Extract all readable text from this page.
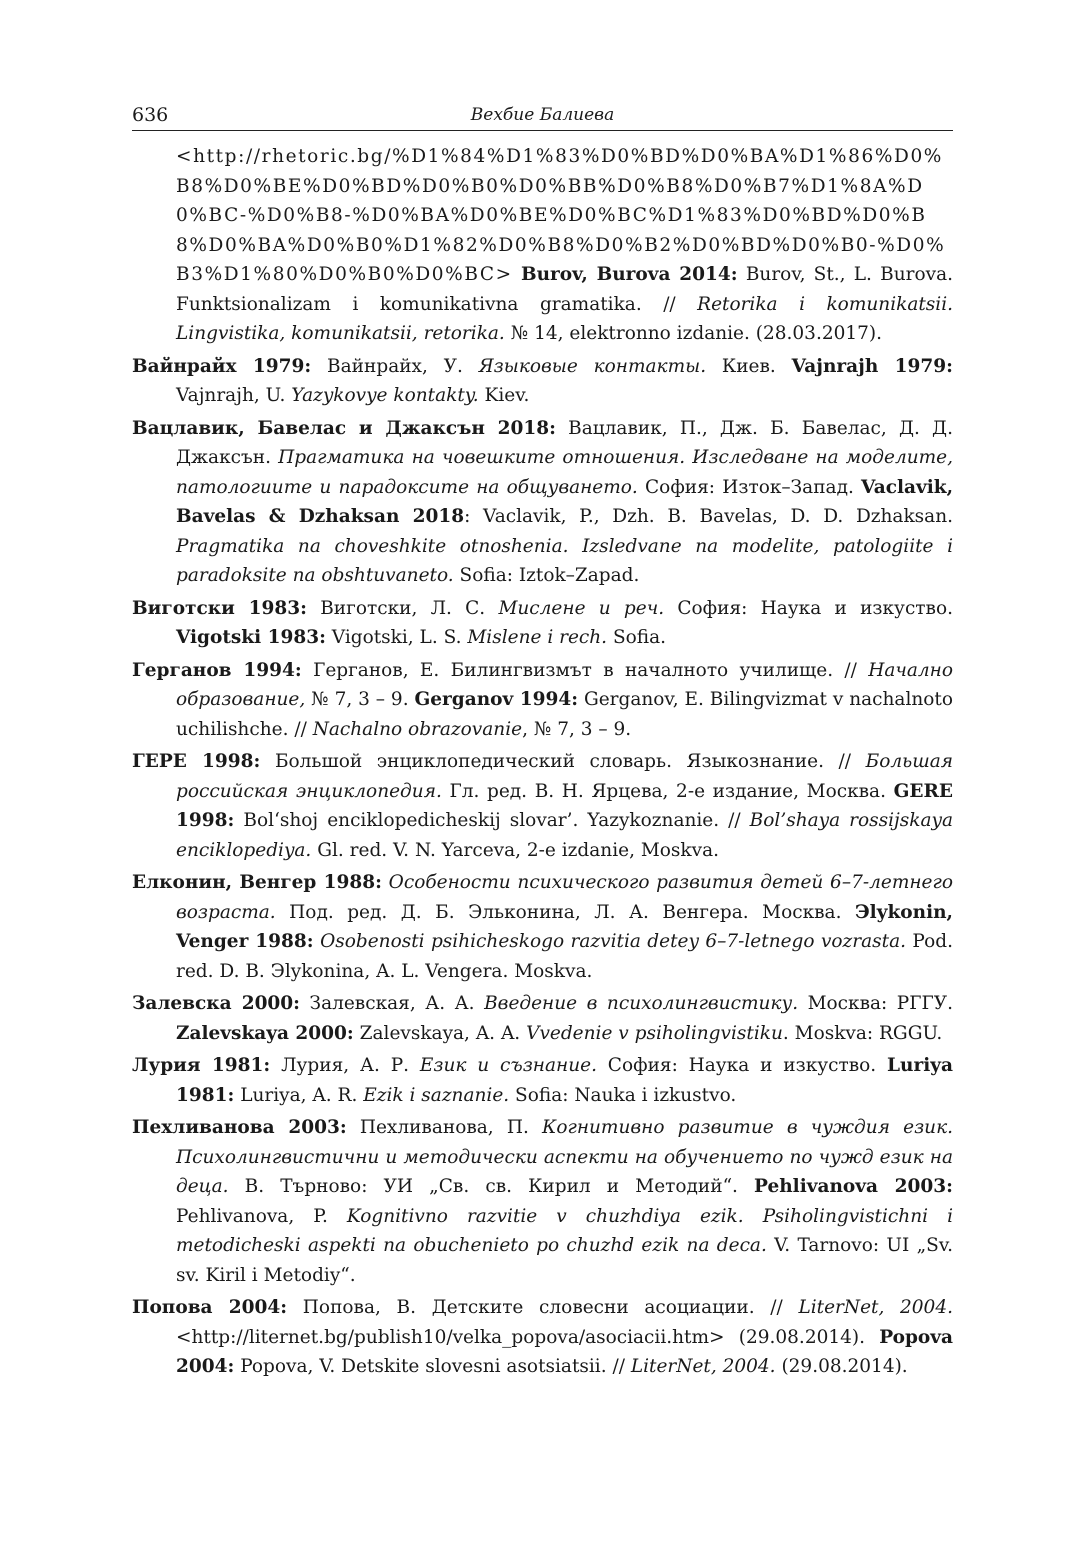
636	Вехбие Балиева
<http://rhetoric.bg/%D1%84%D1%83%D0%BD%D0%BA%D1%86%D0%B8%D0%BE%D0%BD%D0%B0%D0%BB%D0%B8%D0%B7%D1%8A%D0%BC-%D0%B8-%D0%BA%D0%BE%D0%BC%D1%83%D0%BD%D0%B8%D0%BA%D0%B0%D1%82%D0%B8%D0%B2%D0%BD%D0%B0-%D0%B3%D1%80%D0%B0%D0%BC> Burov, Burova 2014: Burov, St., L. Burova. Funktsionalizam i komunikativna gramatika. // Retorika i komunikatsii. Lingvistika, komunikatsii, retorika. № 14, elektronno izdanie. (28.03.2017).
Вайнрайх 1979: Вайнрайх, У. Языковые контакты. Киев. Vajnrajh 1979: Vajnrajh, U. Yazykovye kontakty. Kiev.
Вацлавик, Бавелас и Джаксън 2018: Вацлавик, П., Дж. Б. Бавелас, Д. Д. Джаксън. Прагматика на човешките отношения. Изследване на моделите, патологиите и парадоксите на общуването. София: Изток–Запад. Vaclavik, Bavelas & Dzhaksan 2018: Vaclavik, P., Dzh. B. Bavelas, D. D. Dzhaksan. Pragmatika na choveshkite otnoshenia. Izsledvane na modelite, patologiite i paradoksite na obshtuvaneto. Sofia: Iztok–Zapad.
Виготски 1983: Виготски, Л. С. Мислене и реч. София: Наука и изкуство. Vigotski 1983: Vigotski, L. S. Mislene i rech. Sofia.
Герганов 1994: Герганов, Е. Билингвизмът в началното училище. // Начално образование, № 7, 3 – 9. Gerganov 1994: Gerganov, E. Bilingvizmat v nachalnoto uchilishche. // Nachalno obrazovanie, № 7, 3 – 9.
ГЕРЕ 1998: Большой энциклопедический словарь. Языкознание. // Большая российская энциклопедия. Гл. ред. В. Н. Ярцева, 2-е издание, Москва. GERE 1998: Bol‘shoj enciklopedicheskij slovar’. Yazykoznanie. // Bol’shaya rossijskaya enciklopediya. Gl. red. V. N. Yarceva, 2-e izdanie, Moskva.
Елконин, Венгер 1988: Особености психического развития детей 6–7-летнего возраста. Под. ред. Д. Б. Эльконина, Л. А. Венгера. Москва. Эlykonin, Venger 1988: Osobenosti psihicheskogo razvitia detey 6–7-letnego vozrasta. Pod. red. D. B. Эlykonina, A. L. Vengera. Moskva.
Залевска 2000: Залевская, А. А. Введение в психолингвистику. Москва: РГГУ. Zalevskaya 2000: Zalevskaya, A. A. Vvedenie v psiholingvistiku. Moskva: RGGU.
Лурия 1981: Лурия, А. Р. Език и съзнание. София: Наука и изкуство. Luriya 1981: Luriya, A. R. Ezik i saznanie. Sofia: Nauka i izkustvo.
Пехливанова 2003: Пехливанова, П. Когнитивно развитие в чуждия език. Психолингвистични и методически аспекти на обучението по чужд език на деца. В. Търново: УИ „Св. св. Кирил и Методий“. Pehlivanova 2003: Pehlivanova, P. Kognitivno razvitie v chuzhdiya ezik. Psiholingvistichni i metodicheski aspekti na obuchenieto po chuzhd ezik na deca. V. Tarnovo: UI „Sv. sv. Kiril i Metodiy“.
Попова 2004: Попова, В. Детските словесни асоциации. // LiterNet, 2004. <http://liternet.bg/publish10/velka_popova/asociacii.htm> (29.08.2014). Popova 2004: Popova, V. Detskite slovesni asotsiatsii. // LiterNet, 2004. (29.08.2014).
